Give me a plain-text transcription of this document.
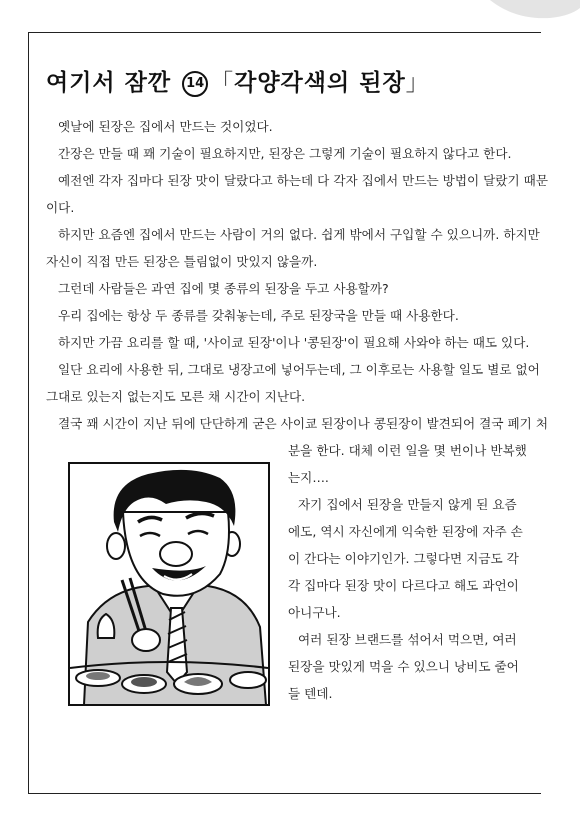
여기서 잠깐 14 「각양각색의 된장」
옛날에 된장은 집에서 만드는 것이었다.
간장은 만들 때 꽤 기술이 필요하지만, 된장은 그렇게 기술이 필요하지 않다고 한다.
예전엔 각자 집마다 된장 맛이 달랐다고 하는데 다 각자 집에서 만드는 방법이 달랐기 때문
이다.
하지만 요즘엔 집에서 만드는 사람이 거의 없다. 쉽게 밖에서 구입할 수 있으니까. 하지만
자신이 직접 만든 된장은 틀림없이 맛있지 않을까.
그런데 사람들은 과연 집에 몇 종류의 된장을 두고 사용할까?
우리 집에는 항상 두 종류를 갖춰놓는데, 주로 된장국을 만들 때 사용한다.
하지만 가끔 요리를 할 때, '사이쿄 된장'이나 '콩된장'이 필요해 사와야 하는 때도 있다.
일단 요리에 사용한 뒤, 그대로 냉장고에 넣어두는데, 그 이후로는 사용할 일도 별로 없어
그대로 있는지 없는지도 모른 채 시간이 지난다.
결국 꽤 시간이 지난 뒤에 단단하게 굳은 사이쿄 된장이나 콩된장이 발견되어 결국 폐기 처
분을 한다. 대체 이런 일을 몇 번이나 반복했
는지….
자기 집에서 된장을 만들지 않게 된 요즘
에도, 역시 자신에게 익숙한 된장에 자주 손
이 간다는 이야기인가. 그렇다면 지금도 각
각 집마다 된장 맛이 다르다고 해도 과언이
아니구나.
여러 된장 브랜드를 섞어서 먹으면, 여러
된장을 맛있게 먹을 수 있으니 낭비도 줄어
들 텐데.
